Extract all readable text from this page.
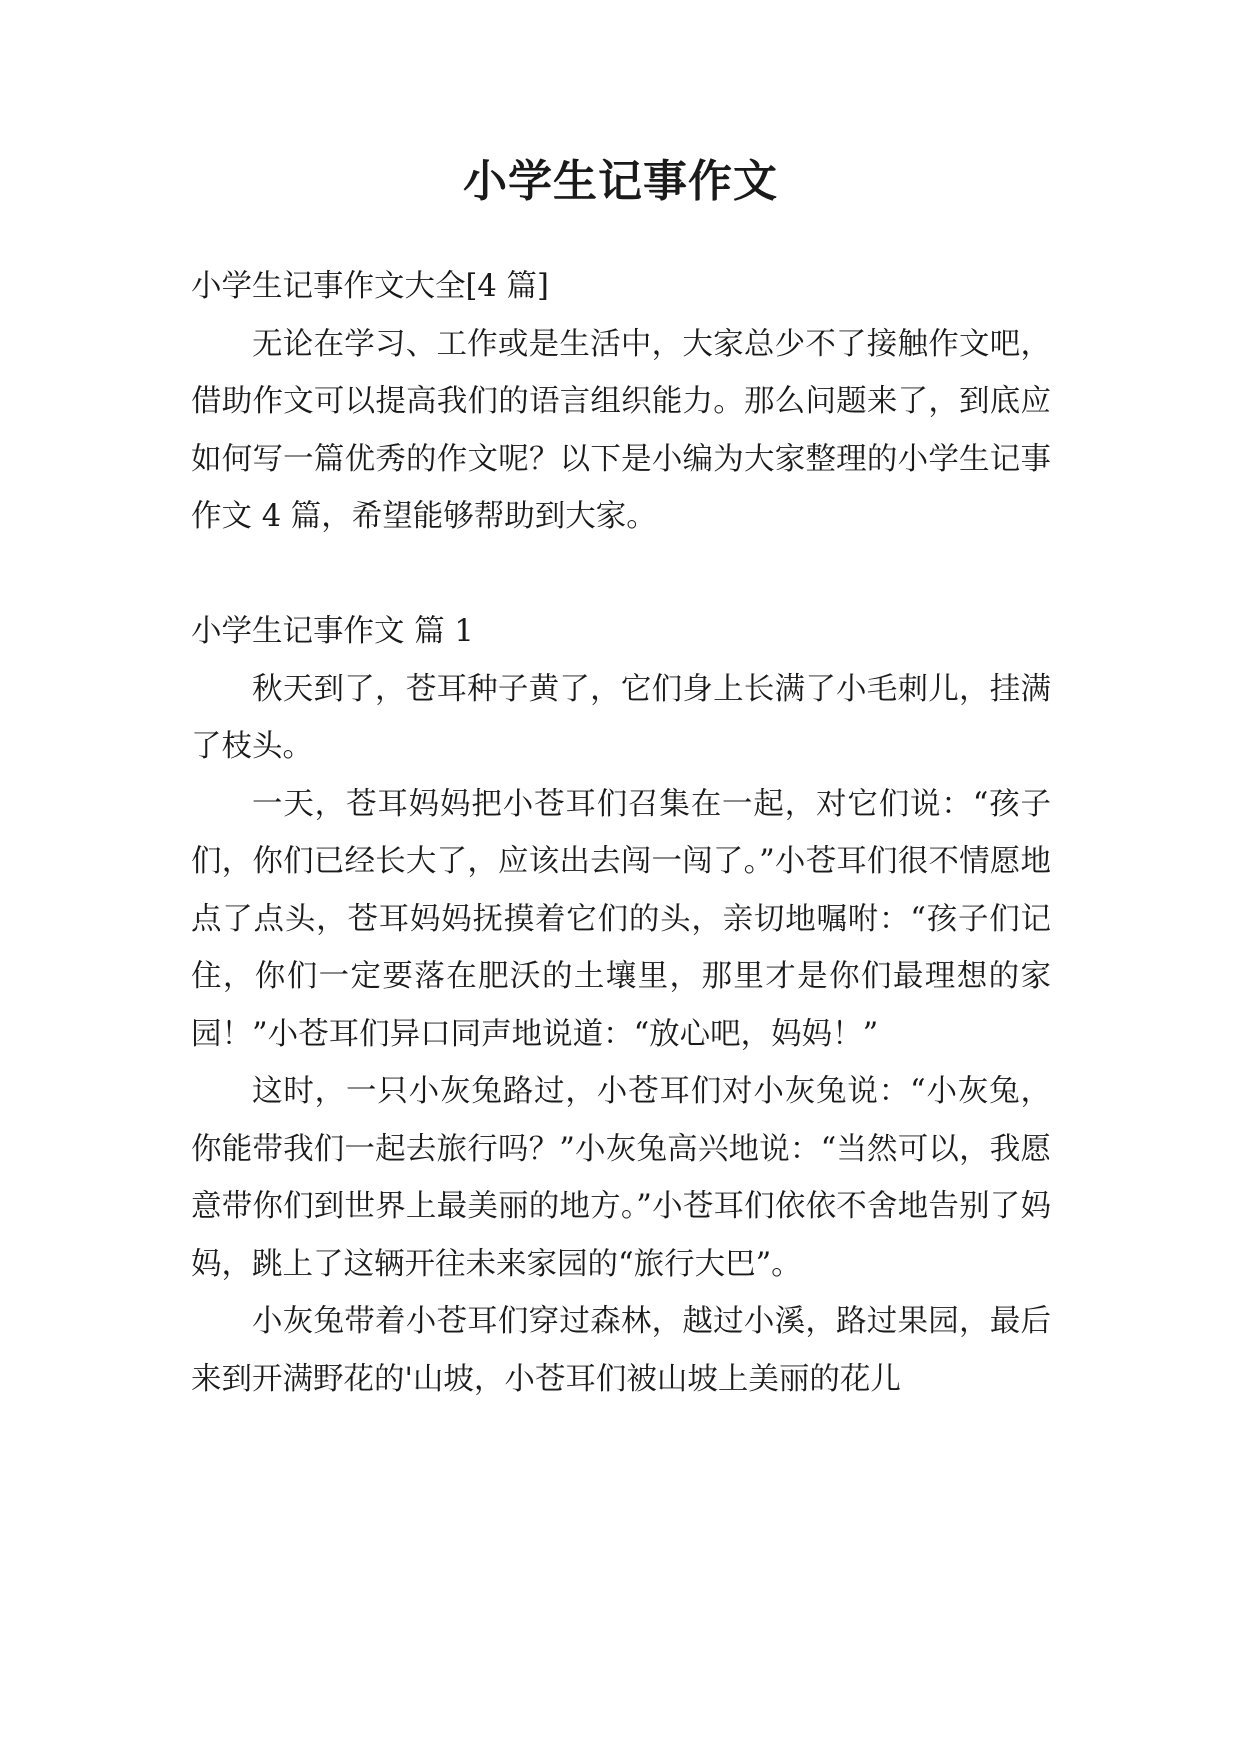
小学生记事作文

小学生记事作文大全[4 篇]

无论在学习、工作或是生活中，大家总少不了接触作文吧，借助作文可以提高我们的语言组织能力。那么问题来了，到底应如何写一篇优秀的作文呢？以下是小编为大家整理的小学生记事作文 4 篇，希望能够帮助到大家。

小学生记事作文 篇 1

秋天到了，苍耳种子黄了，它们身上长满了小毛刺儿，挂满了枝头。

一天，苍耳妈妈把小苍耳们召集在一起，对它们说：“孩子们，你们已经长大了，应该出去闯一闯了。”小苍耳们很不情愿地点了点头，苍耳妈妈抚摸着它们的头，亲切地嘱咐：“孩子们记住，你们一定要落在肥沃的土壤里，那里才是你们最理想的家园！”小苍耳们异口同声地说道：“放心吧，妈妈！”

这时，一只小灰兔路过，小苍耳们对小灰兔说：“小灰兔，你能带我们一起去旅行吗？”小灰兔高兴地说：“当然可以，我愿意带你们到世界上最美丽的地方。”小苍耳们依依不舍地告别了妈妈，跳上了这辆开往未来家园的“旅行大巴”。

小灰兔带着小苍耳们穿过森林，越过小溪，路过果园，最后来到开满野花的'山坡，小苍耳们被山坡上美丽的花儿
